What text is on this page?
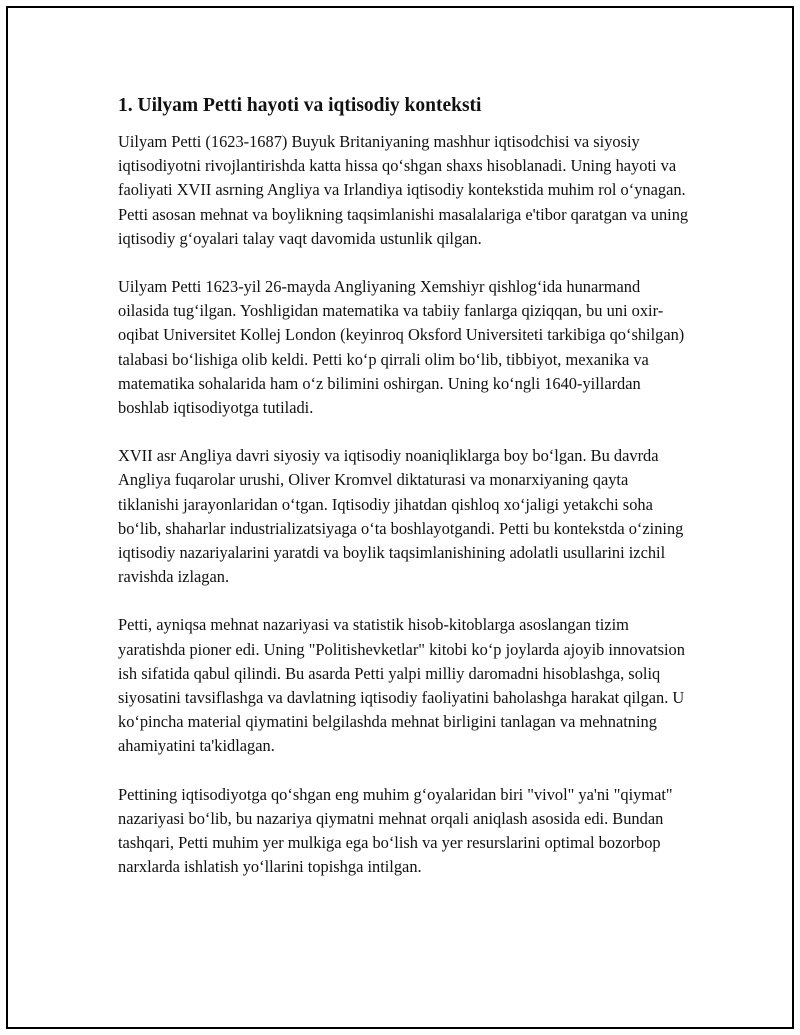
1. Uilyam Petti hayoti va iqtisodiy konteksti

Uilyam Petti (1623-1687) Buyuk Britaniyaning mashhur iqtisodchisi va siyosiy iqtisodiyotni rivojlantirishda katta hissa qo‘shgan shaxs hisoblanadi. Uning hayoti va faoliyati XVII asrning Angliya va Irlandiya iqtisodiy kontekstida muhim rol o‘ynagan. Petti asosan mehnat va boylikning taqsimlanishi masalalariga e'tibor qaratgan va uning iqtisodiy g‘oyalari talay vaqt davomida ustunlik qilgan.

Uilyam Petti 1623-yil 26-mayda Angliyaning Xemshiyr qishlog‘ida hunarmand oilasida tug‘ilgan. Yoshligidan matematika va tabiiy fanlarga qiziqqan, bu uni oxir-oqibat Universitet Kollej London (keyinroq Oksford Universiteti tarkibiga qo‘shilgan) talabasi bo‘lishiga olib keldi. Petti ko‘p qirrali olim bo‘lib, tibbiyot, mexanika va matematika sohalarida ham o‘z bilimini oshirgan. Uning ko‘ngli 1640-yillardan boshlab iqtisodiyotga tutiladi.

XVII asr Angliya davri siyosiy va iqtisodiy noaniqliklarga boy bo‘lgan. Bu davrda Angliya fuqarolar urushi, Oliver Kromvel diktaturasi va monarxiyaning qayta tiklanishi jarayonlaridan o‘tgan. Iqtisodiy jihatdan qishloq xo‘jaligi yetakchi soha bo‘lib, shaharlar industrializatsiyaga o‘ta boshlayotgandi. Petti bu kontekstda o‘zining iqtisodiy nazariyalarini yaratdi va boylik taqsimlanishining adolatli usullarini izchil ravishda izlagan.

Petti, ayniqsa mehnat nazariyasi va statistik hisob-kitoblarga asoslangan tizim yaratishda pioner edi. Uning "Politishevketlar" kitobi ko‘p joylarda ajoyib innovatsion ish sifatida qabul qilindi. Bu asarda Petti yalpi milliy daromadni hisoblashga, soliq siyosatini tavsiflashga va davlatning iqtisodiy faoliyatini baholashga harakat qilgan. U ko‘pincha material qiymatini belgilashda mehnat birligini tanlagan va mehnatning ahamiyatini ta'kidlagan.

Pettining iqtisodiyotga qo‘shgan eng muhim g‘oyalaridan biri "vivol" ya'ni "qiymat" nazariyasi bo‘lib, bu nazariya qiymatni mehnat orqali aniqlash asosida edi. Bundan tashqari, Petti muhim yer mulkiga ega bo‘lish va yer resurslarini optimal bozorbop narxlarda ishlatish yo‘llarini topishga intilgan.
